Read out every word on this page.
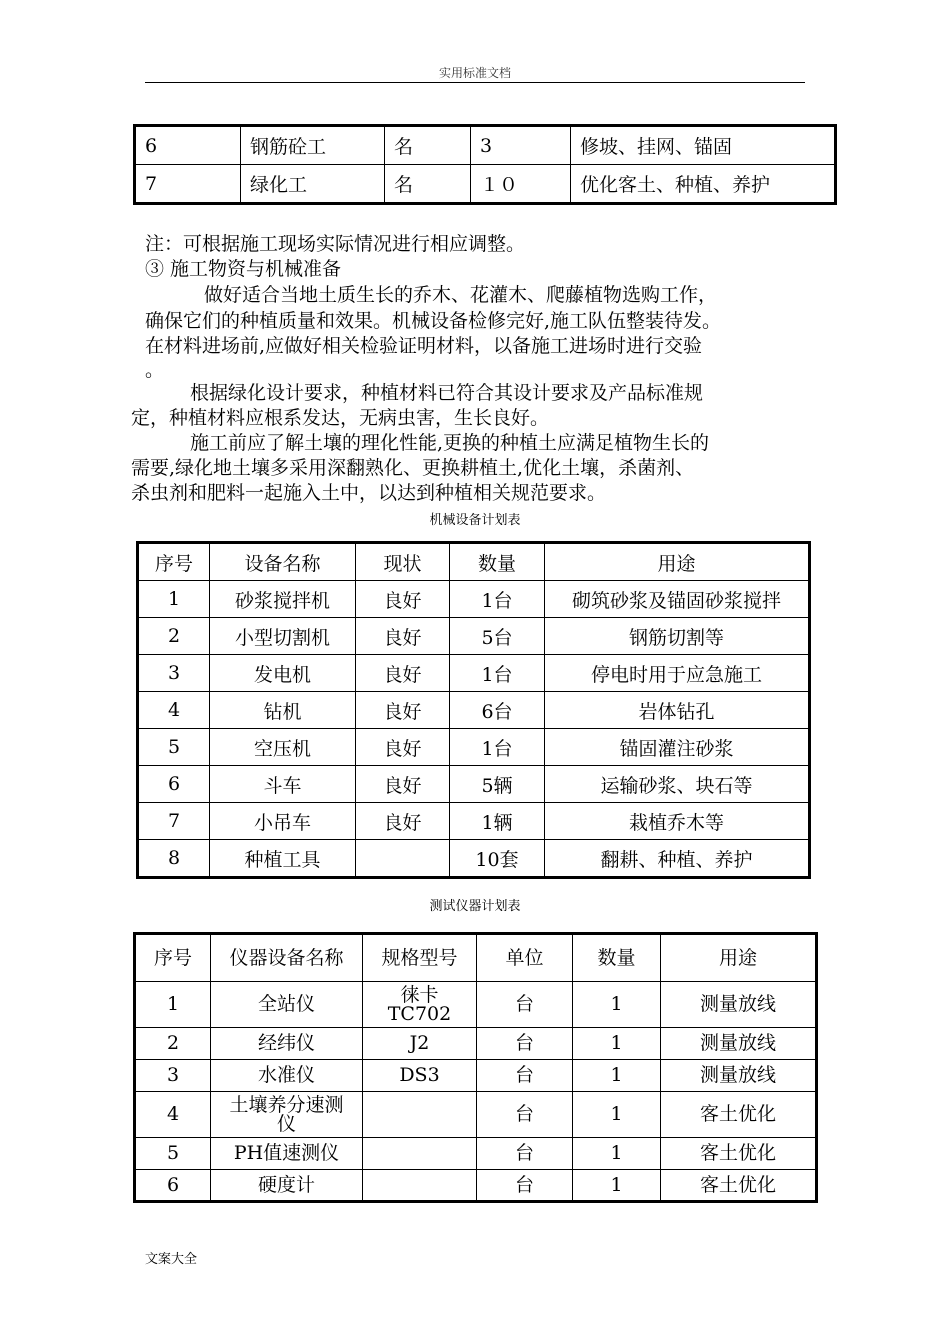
实用标准文档
6	钢筋砼工	名	3	修坡、挂网、锚固
7	绿化工	名	１０	优化客土、种植、养护
注：可根据施工现场实际情况进行相应调整。
③ 施工物资与机械准备
做好适合当地土质生长的乔木、花灌木、爬藤植物选购工作，
确保它们的种植质量和效果。机械设备检修完好,施工队伍整装待发。
在材料进场前,应做好相关检验证明材料，以备施工进场时进行交验
。
根据绿化设计要求，种植材料已符合其设计要求及产品标准规
定，种植材料应根系发达，无病虫害，生长良好。
施工前应了解土壤的理化性能,更换的种植土应满足植物生长的
需要,绿化地土壤多采用深翻熟化、更换耕植土,优化土壤，杀菌剂、
杀虫剂和肥料一起施入土中，以达到种植相关规范要求。
机械设备计划表
序号	设备名称	现状	数量	用途
1	砂浆搅拌机	良好	1台	砌筑砂浆及锚固砂浆搅拌
2	小型切割机	良好	5台	钢筋切割等
3	发电机	良好	1台	停电时用于应急施工
4	钻机	良好	6台	岩体钻孔
5	空压机	良好	1台	锚固灌注砂浆
6	斗车	良好	5辆	运输砂浆、块石等
7	小吊车	良好	1辆	栽植乔木等
8	种植工具		10套	翻耕、种植、养护
测试仪器计划表
序号	仪器设备名称	规格型号	单位	数量	用途
1	全站仪	徕卡TC702	台	1	测量放线
2	经纬仪	J2	台	1	测量放线
3	水准仪	DS3	台	1	测量放线
4	土壤养分速测仪		台	1	客土优化
5	PH值速测仪		台	1	客土优化
6	硬度计		台	1	客土优化
文案大全
